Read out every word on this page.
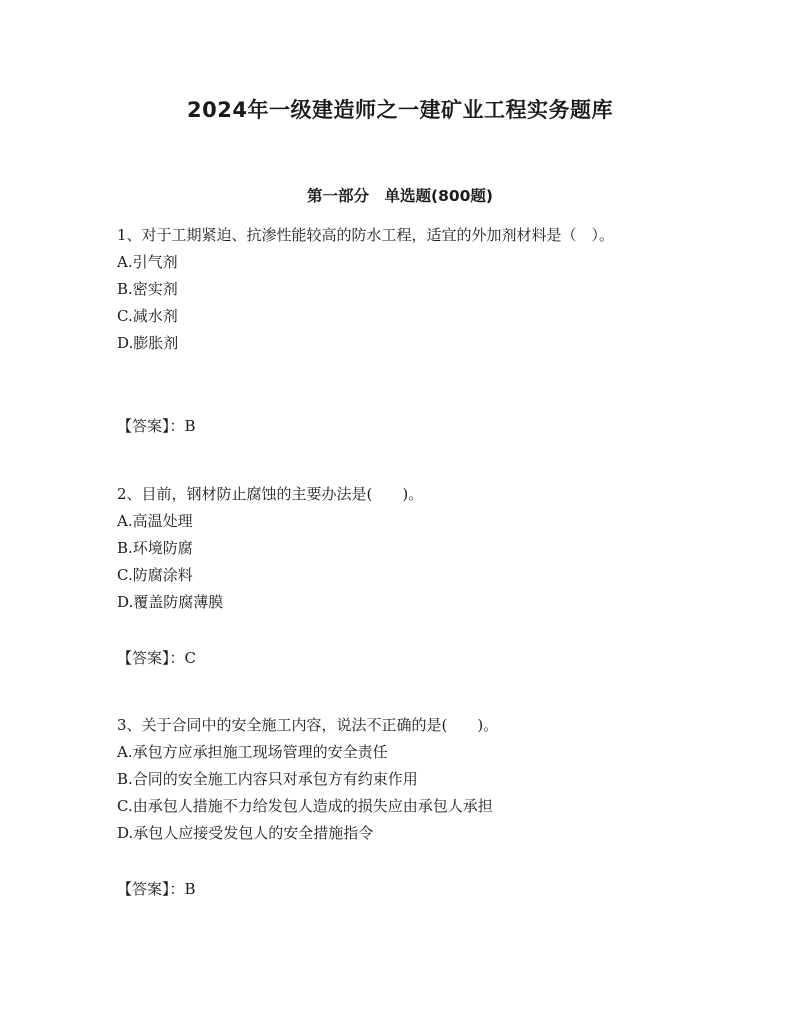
2024年一级建造师之一建矿业工程实务题库
第一部分　单选题(800题)

1、对于工期紧迫、抗渗性能较高的防水工程，适宜的外加剂材料是（　）。

A.引气剂

B.密实剂

C.减水剂

D.膨胀剂

【答案】：B

2、目前，钢材防止腐蚀的主要办法是(　　)。

A.高温处理

B.环境防腐

C.防腐涂料

D.覆盖防腐薄膜

【答案】：C

3、关于合同中的安全施工内容，说法不正确的是(　　)。

A.承包方应承担施工现场管理的安全责任

B.合同的安全施工内容只对承包方有约束作用

C.由承包人措施不力给发包人造成的损失应由承包人承担

D.承包人应接受发包人的安全措施指令

【答案】：B
